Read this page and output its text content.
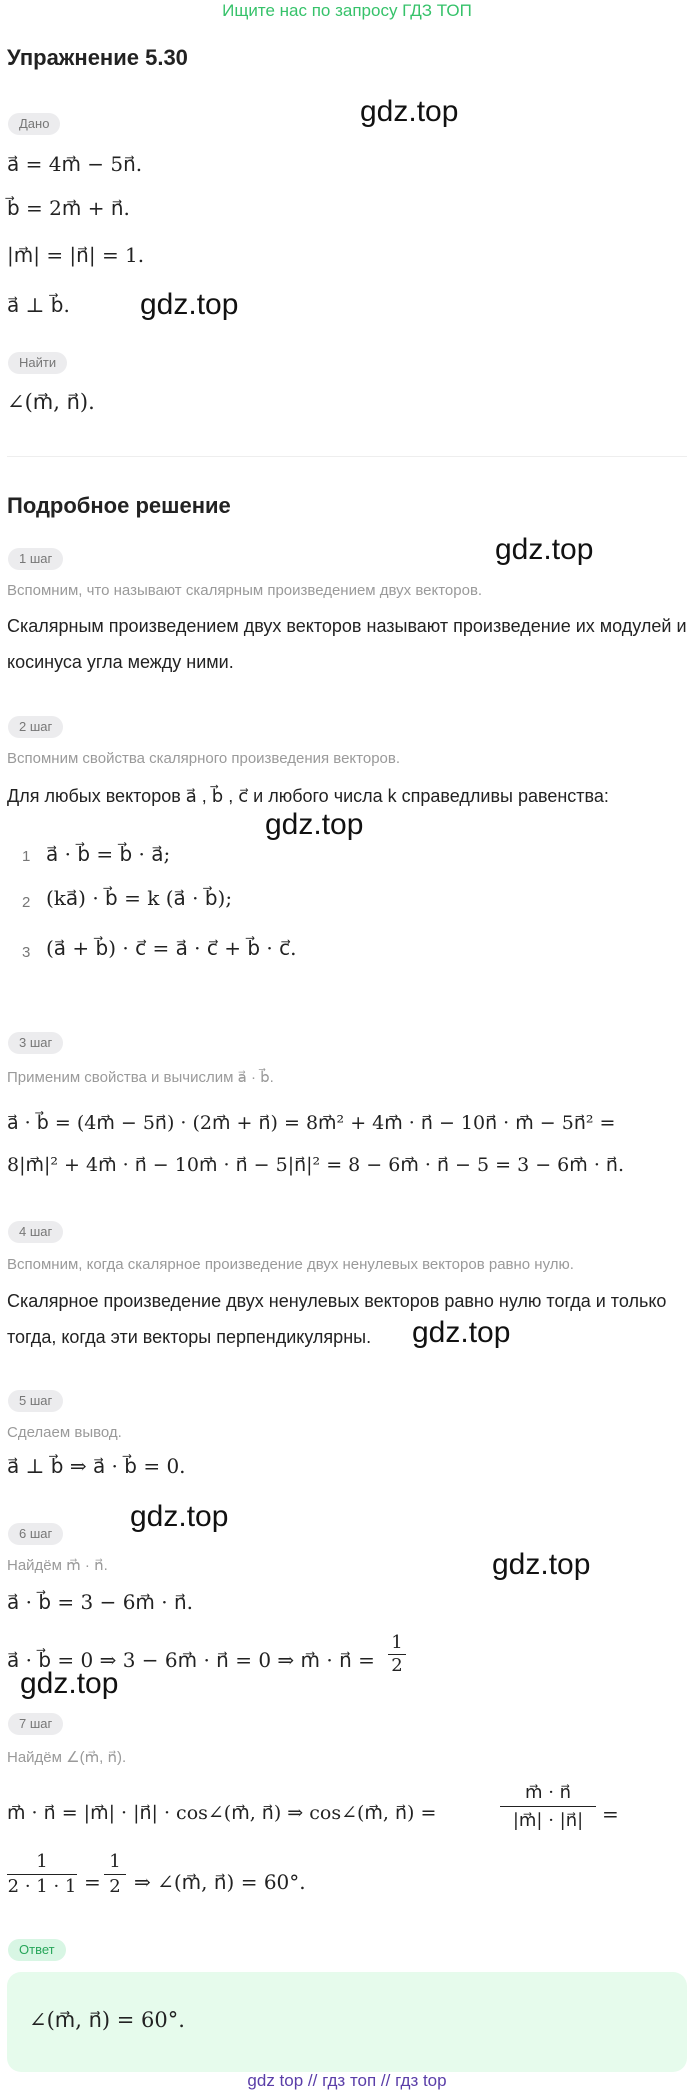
Ищите нас по запросу ГДЗ ТОП
Упражнение 5.30
Дано
a⃗ = 4m⃗ − 5n⃗.
b⃗ = 2m⃗ + n⃗.
|m⃗| = |n⃗| = 1.
a⃗ ⊥ b⃗.
Найти
∠(m⃗, n⃗).
Подробное решение
1 шаг
Вспомним, что называют скалярным произведением двух векторов.
Скалярным произведением двух векторов называют произведение их модулей и косинуса угла между ними.
2 шаг
Вспомним свойства скалярного произведения векторов.
Для любых векторов a⃗ , b⃗ , c⃗ и любого числа k справедливы равенства:
1 a⃗ · b⃗ = b⃗ · a⃗;
2 (ka⃗) · b⃗ = k (a⃗ · b⃗);
3 (a⃗ + b⃗) · c⃗ = a⃗ · c⃗ + b⃗ · c⃗.
3 шаг
Применим свойства и вычислим a⃗ · b⃗.
a⃗ · b⃗ = (4m⃗ − 5n⃗) · (2m⃗ + n⃗) = 8m⃗² + 4m⃗ · n⃗ − 10n⃗ · m⃗ − 5n⃗² =
8|m⃗|² + 4m⃗ · n⃗ − 10m⃗ · n⃗ − 5|n⃗|² = 8 − 6m⃗ · n⃗ − 5 = 3 − 6m⃗ · n⃗.
4 шаг
Вспомним, когда скалярное произведение двух ненулевых векторов равно нулю.
Скалярное произведение двух ненулевых векторов равно нулю тогда и только тогда, когда эти векторы перпендикулярны.
5 шаг
Сделаем вывод.
a⃗ ⊥ b⃗ ⇒ a⃗ · b⃗ = 0.
6 шаг
Найдём m⃗ · n⃗.
a⃗ · b⃗ = 3 − 6m⃗ · n⃗.
a⃗ · b⃗ = 0 ⇒ 3 − 6m⃗ · n⃗ = 0 ⇒ m⃗ · n⃗ =
1
2
7 шаг
Найдём ∠(m⃗, n⃗).
m⃗ · n⃗ = |m⃗| · |n⃗| · cos∠(m⃗, n⃗) ⇒ cos∠(m⃗, n⃗) =
m⃗ · n⃗
|m⃗| · |n⃗| =
1
2 · 1 · 1 =
1
2 ⇒ ∠(m⃗, n⃗) = 60°.
Ответ
∠(m⃗, n⃗) = 60°.
gdz.top
gdz.top
gdz.top
gdz.top
gdz.top
gdz.top
gdz.top
gdz.top
gdz top // гдз топ // гдз top
